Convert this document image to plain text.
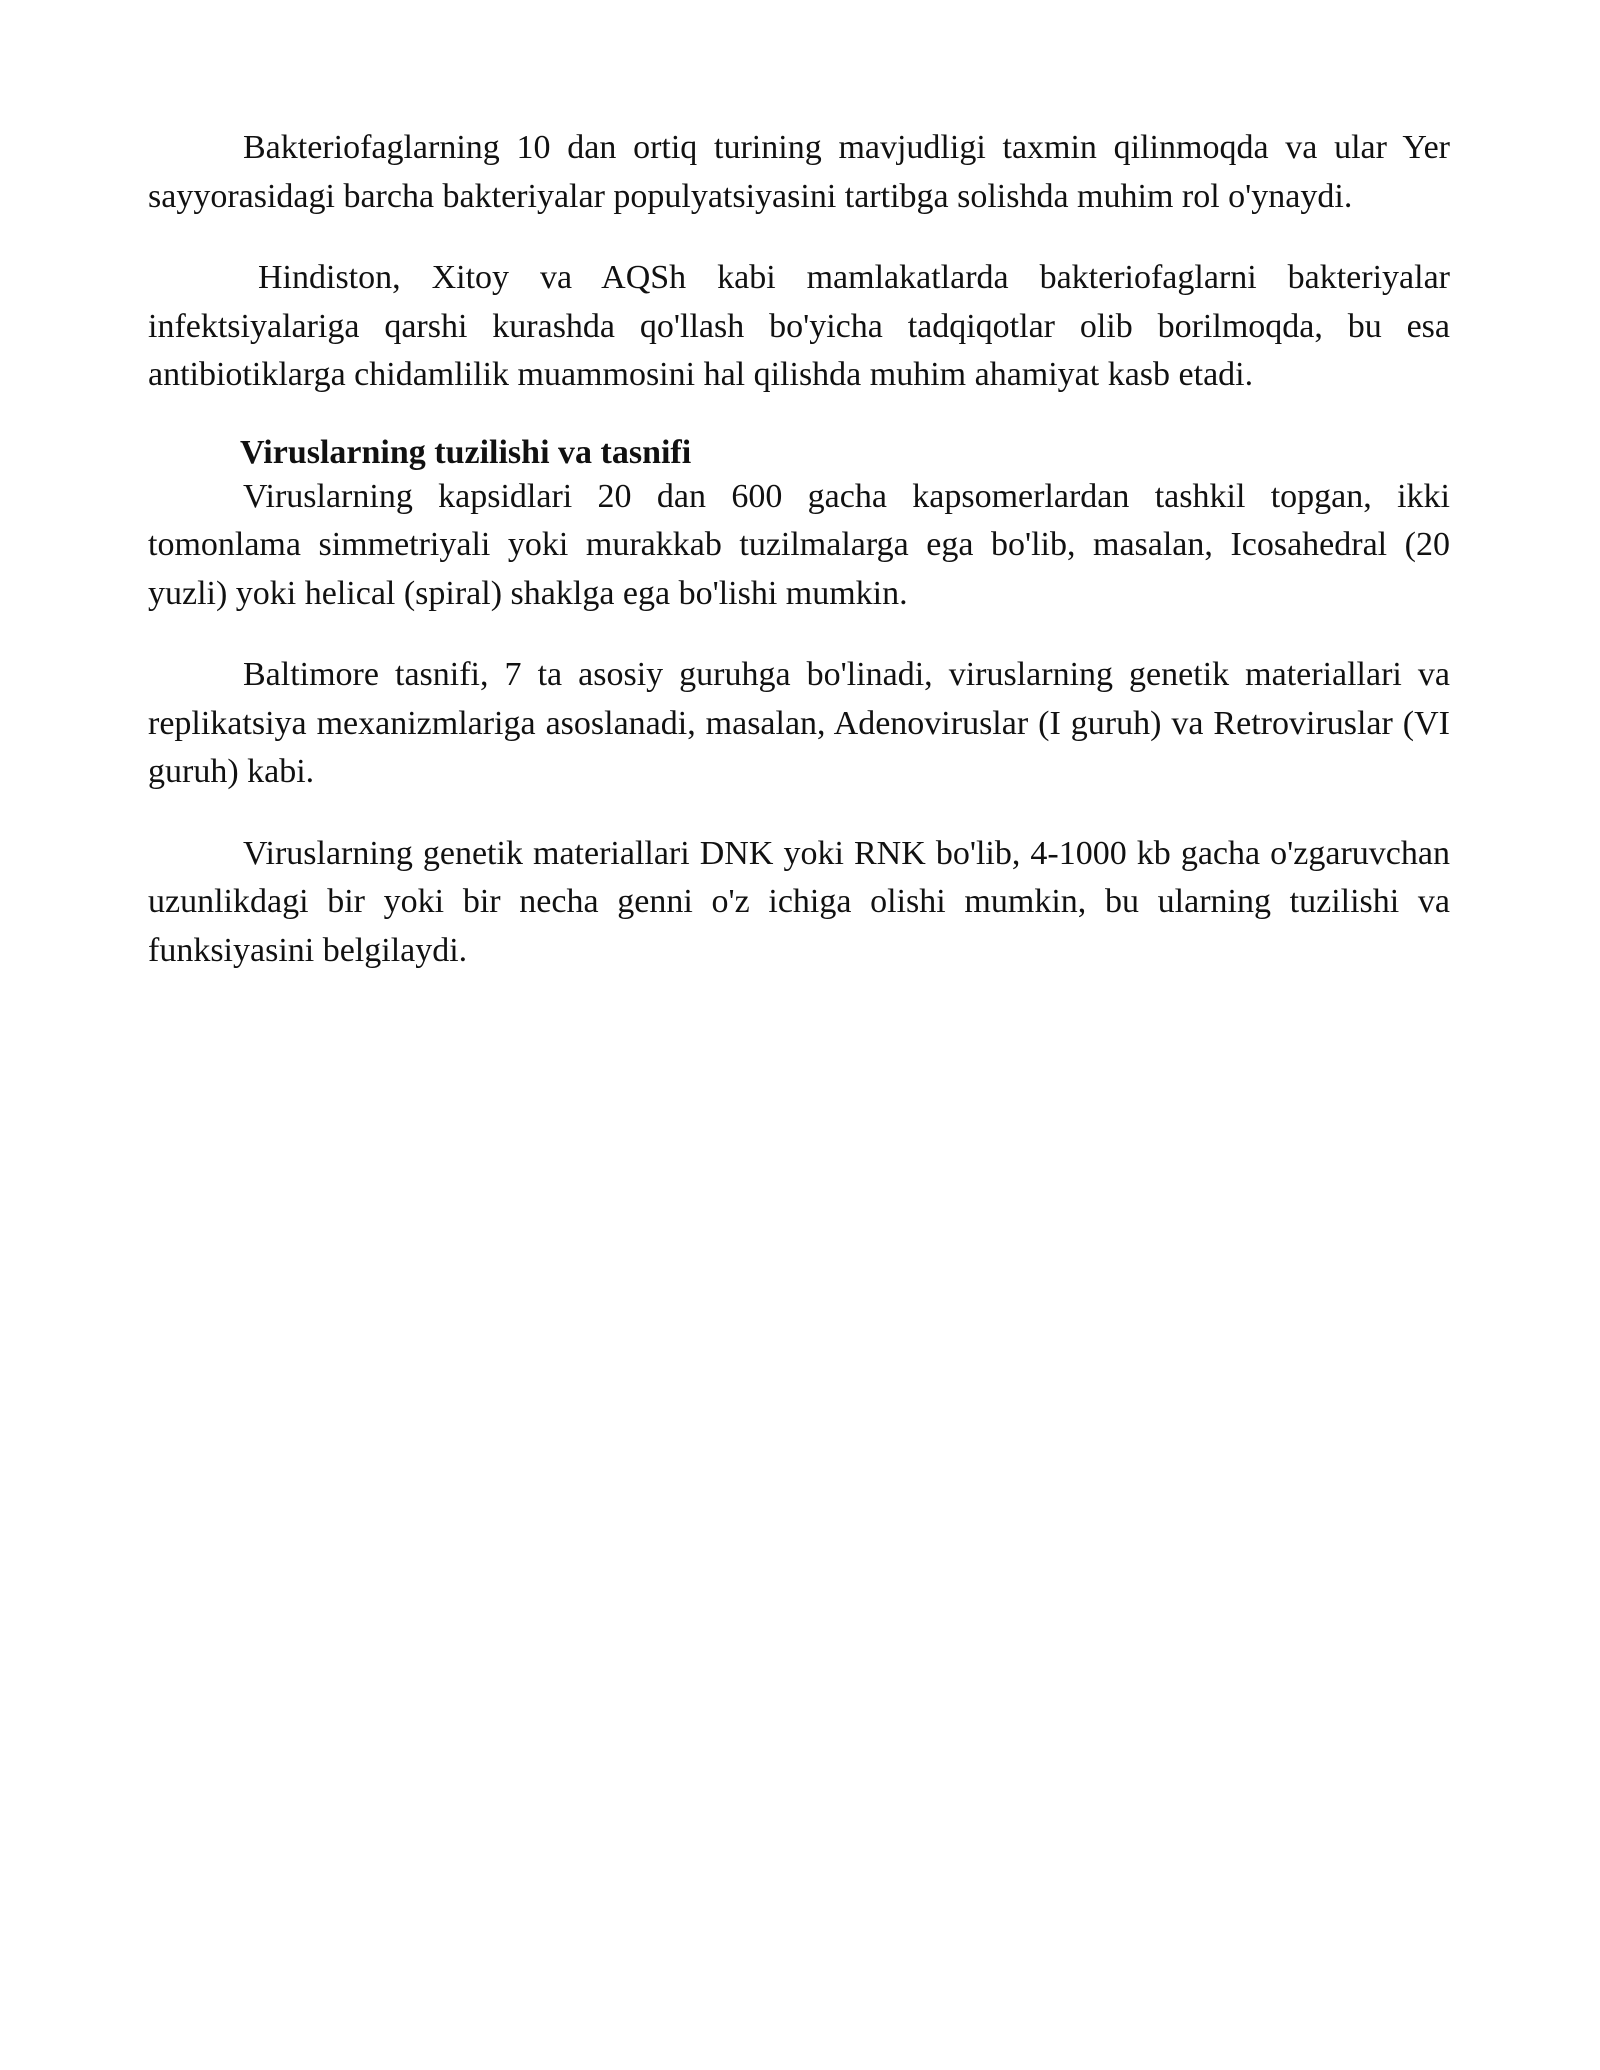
Bakteriofaglarning 10 dan ortiq turining mavjudligi taxmin qilinmoqda va ular Yer sayyorasidagi barcha bakteriyalar populyatsiyasini tartibga solishda muhim rol o'ynaydi.

Hindiston, Xitoy va AQSh kabi mamlakatlarda bakteriofaglarni bakteriyalar infektsiyalariga qarshi kurashda qo'llash bo'yicha tadqiqotlar olib borilmoqda, bu esa antibiotiklarga chidamlilik muammosini hal qilishda muhim ahamiyat kasb etadi.

Viruslarning tuzilishi va tasnifi

Viruslarning kapsidlari 20 dan 600 gacha kapsomerlardan tashkil topgan, ikki tomonlama simmetriyali yoki murakkab tuzilmalarga ega bo'lib, masalan, Icosahedral (20 yuzli) yoki helical (spiral) shaklga ega bo'lishi mumkin.

Baltimore tasnifi, 7 ta asosiy guruhga bo'linadi, viruslarning genetik materiallari va replikatsiya mexanizmlariga asoslanadi, masalan, Adenoviruslar (I guruh) va Retroviruslar (VI guruh) kabi.

Viruslarning genetik materiallari DNK yoki RNK bo'lib, 4-1000 kb gacha o'zgaruvchan uzunlikdagi bir yoki bir necha genni o'z ichiga olishi mumkin, bu ularning tuzilishi va funksiyasini belgilaydi.
